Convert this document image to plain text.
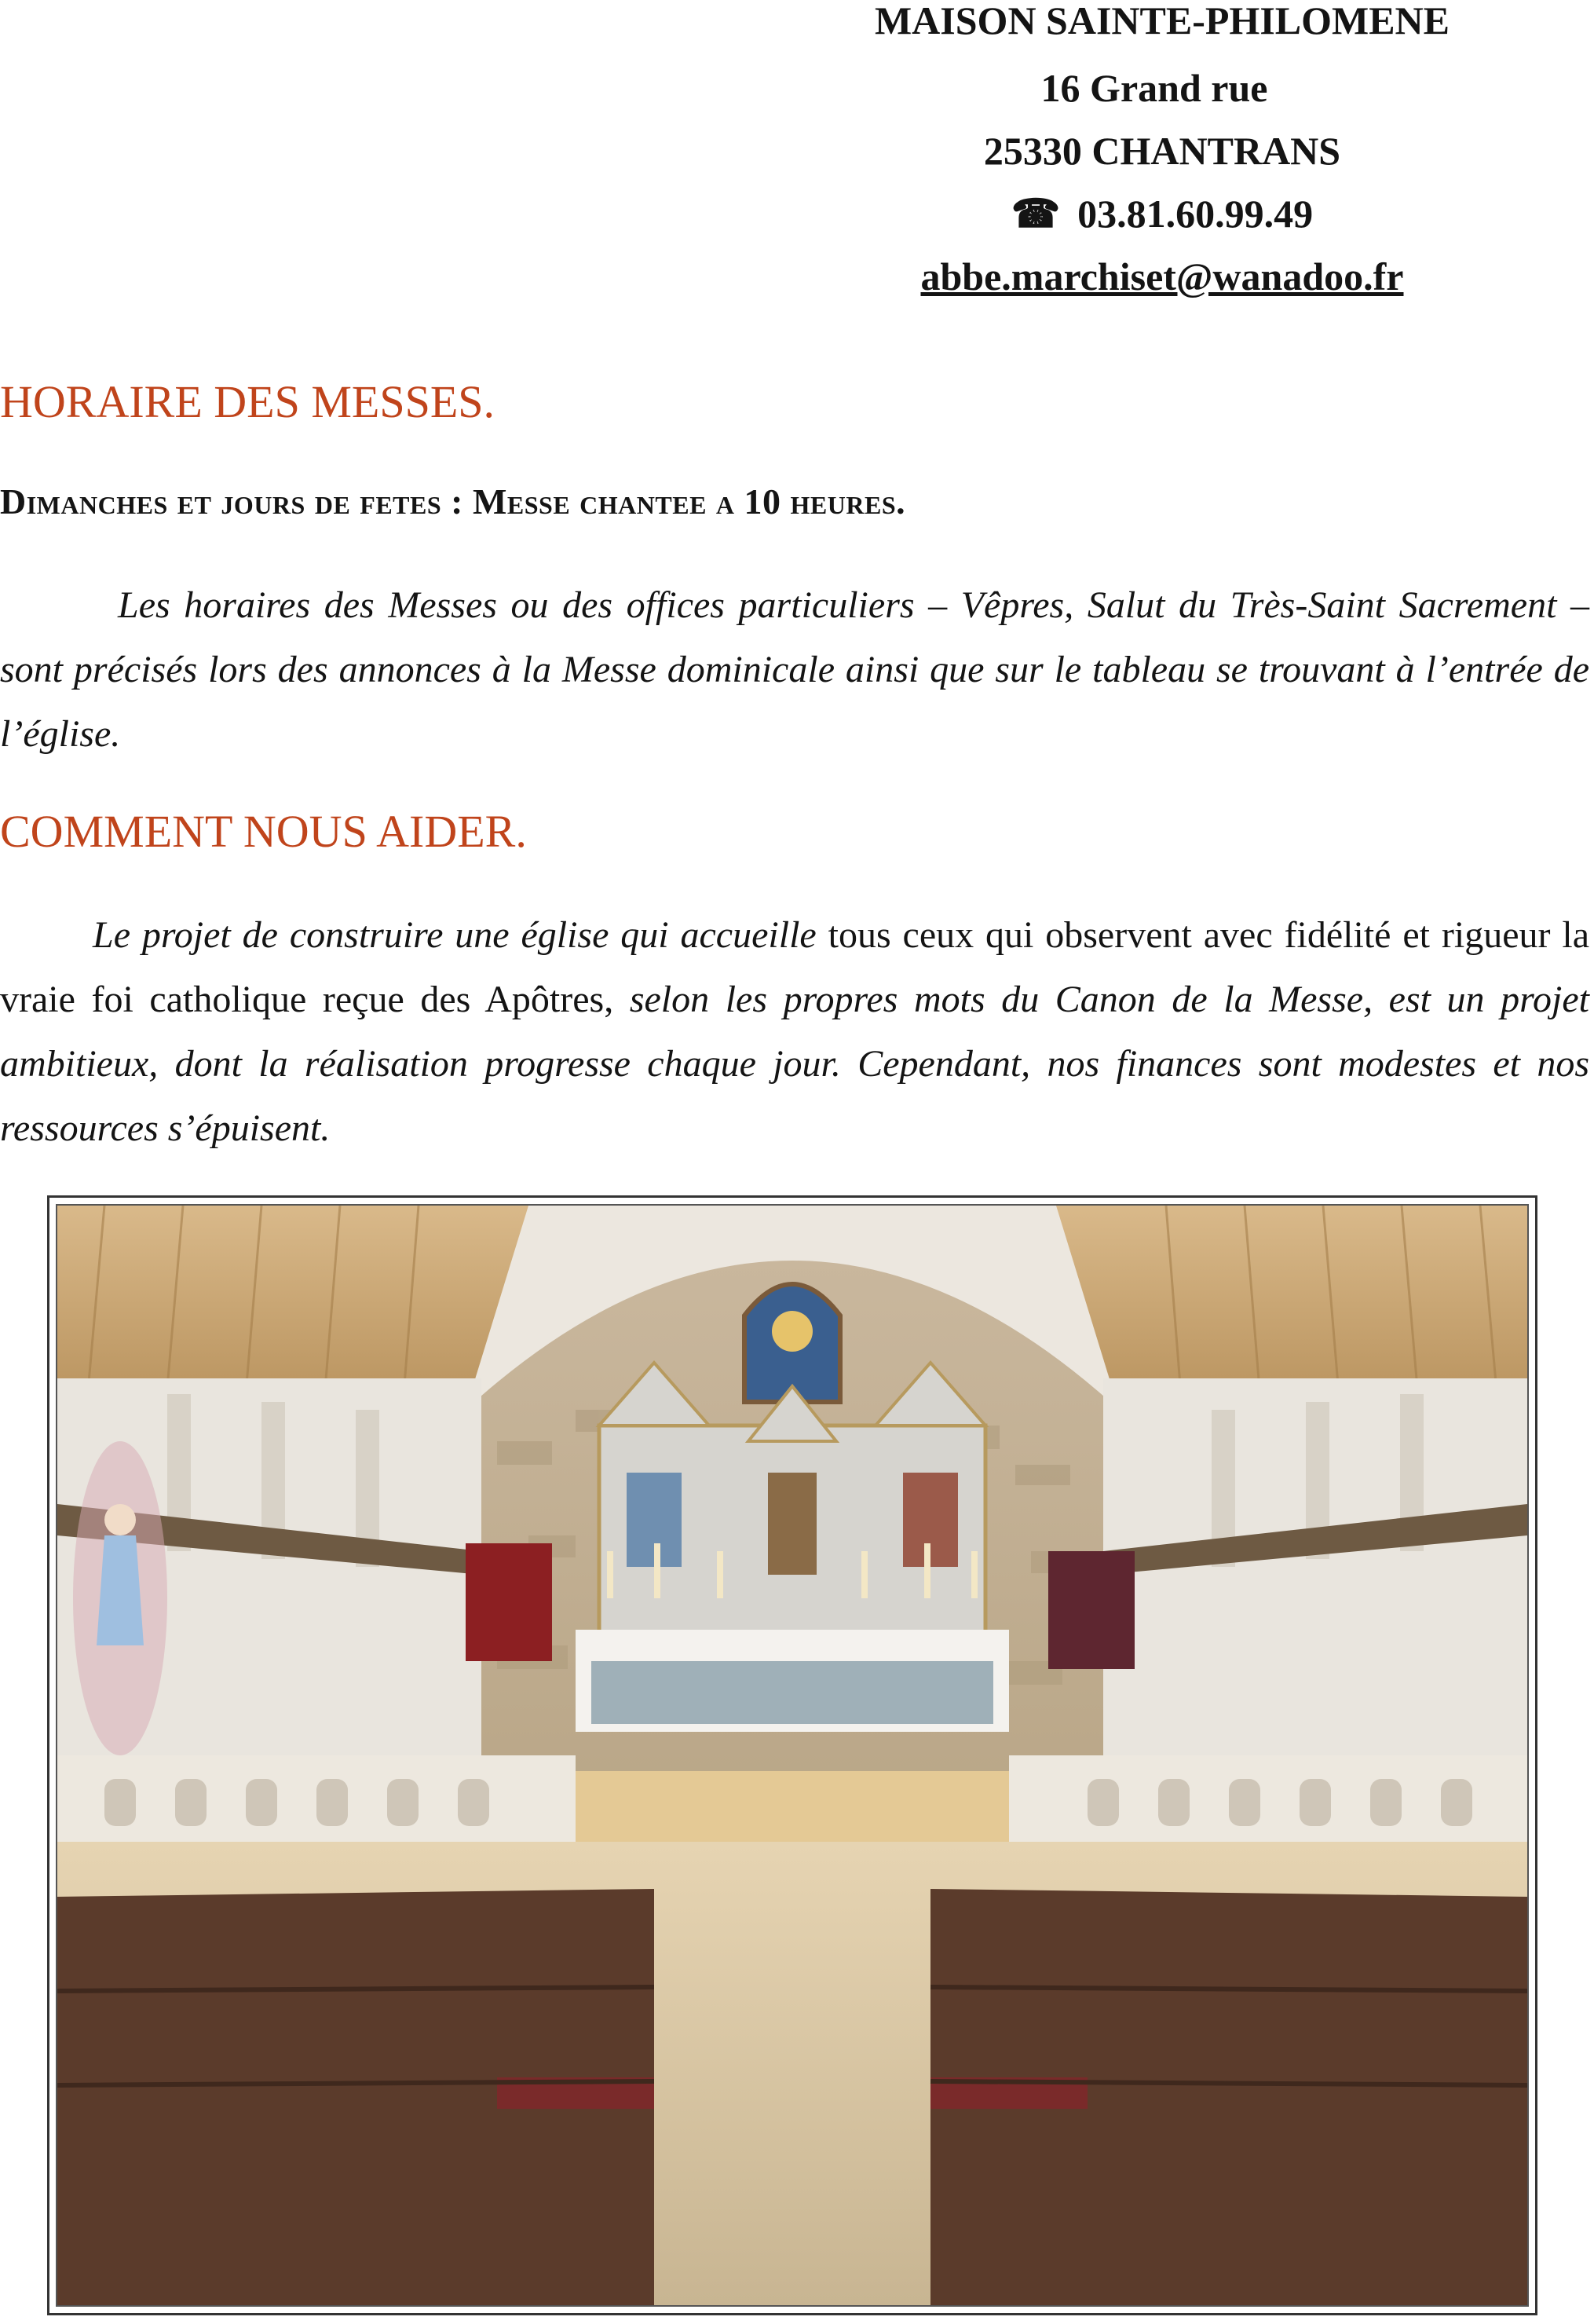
MAISON SAINTE-PHILOMENE
16 Grand rue
25330 CHANTRANS
☎ 03.81.60.99.49
abbe.marchiset@wanadoo.fr
HORAIRE DES MESSES.
Dimanches et jours de fetes : Messe chantee a 10 heures.

Les horaires des Messes ou des offices particuliers – Vêpres, Salut du Très-Saint Sacrement – sont précisés lors des annonces à la Messe dominicale ainsi que sur le tableau se trouvant à l’entrée de l’église.

COMMENT NOUS AIDER.

Le projet de construire une église qui accueille tous ceux qui observent avec fidélité et rigueur la vraie foi catholique reçue des Apôtres, selon les propres mots du Canon de la Messe, est un projet ambitieux, dont la réalisation progresse chaque jour. Cependant, nos finances sont modestes et nos ressources s’épuisent.
